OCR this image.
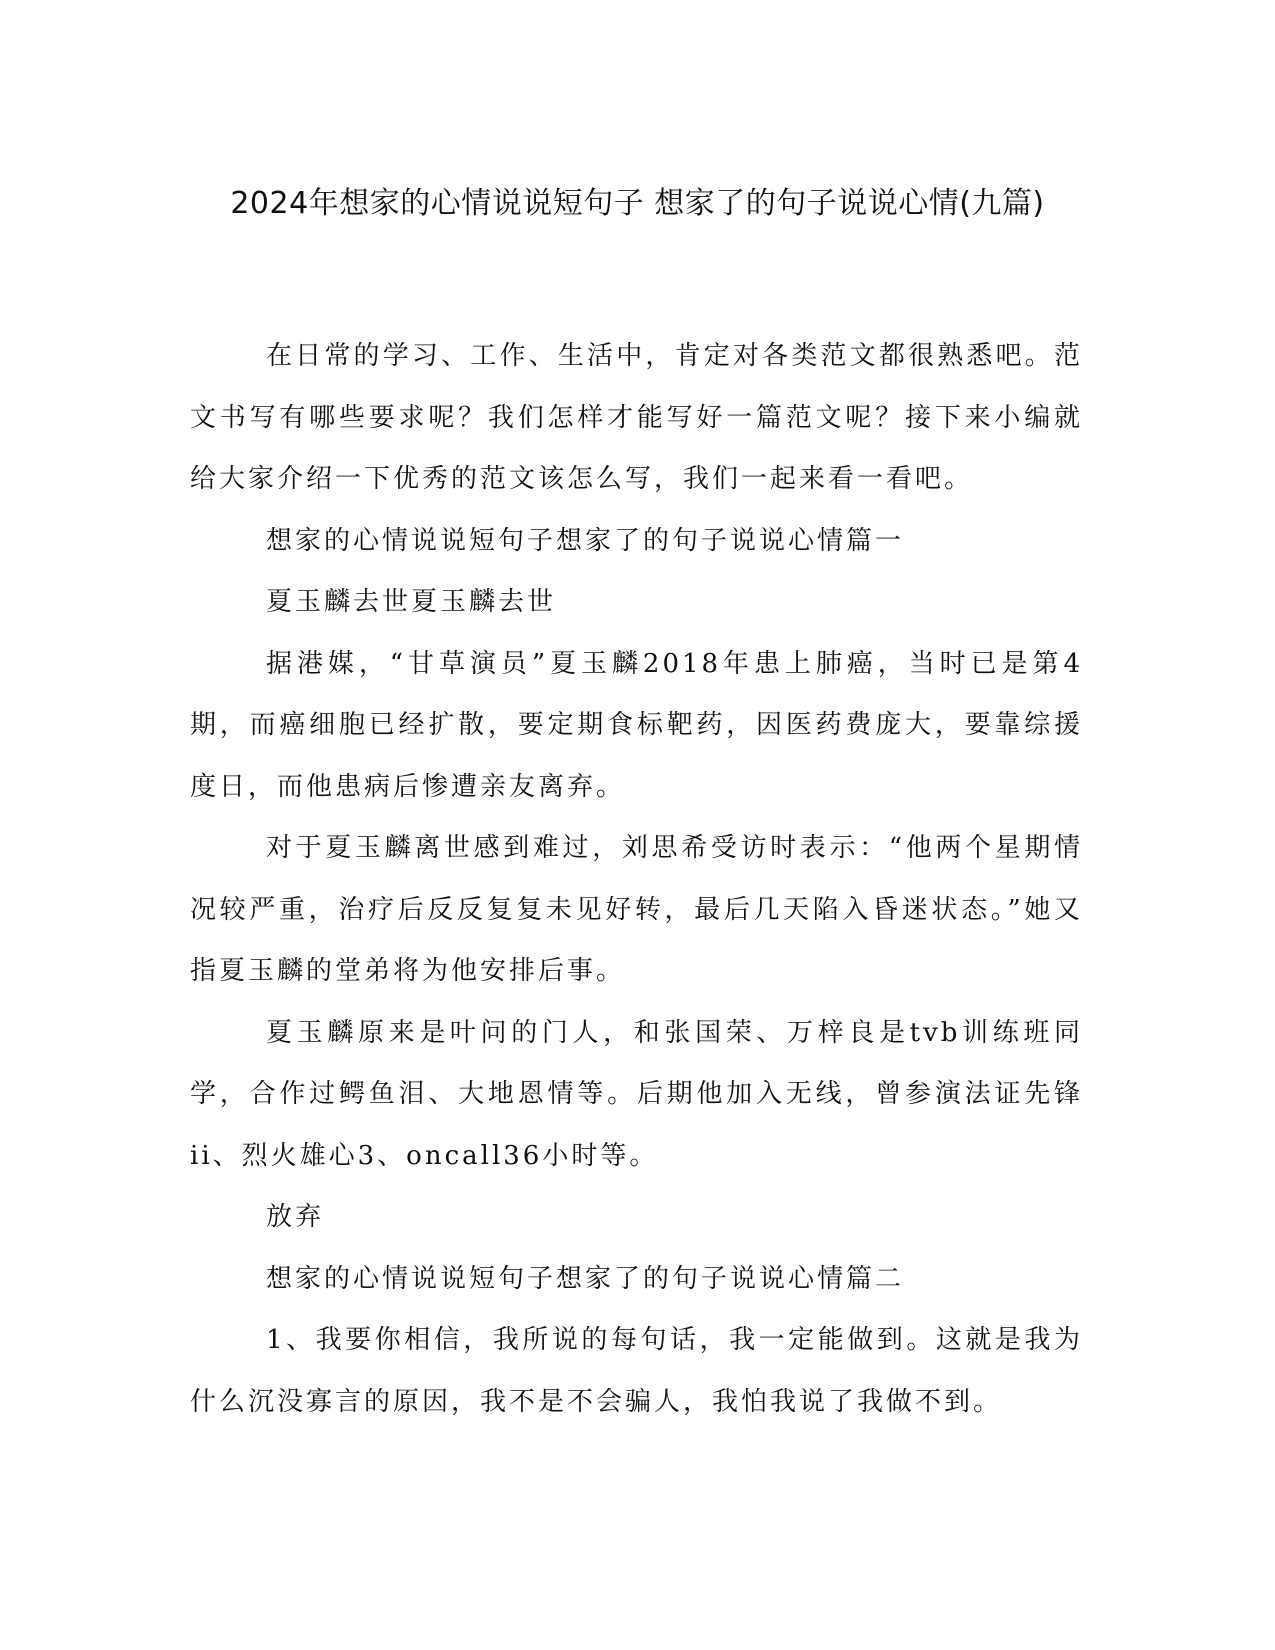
2024年想家的心情说说短句子 想家了的句子说说心情(九篇)

在日常的学习、工作、生活中，肯定对各类范文都很熟悉吧。范文书写有哪些要求呢？我们怎样才能写好一篇范文呢？接下来小编就给大家介绍一下优秀的范文该怎么写，我们一起来看一看吧。

想家的心情说说短句子想家了的句子说说心情篇一

夏玉麟去世夏玉麟去世

据港媒，“甘草演员”夏玉麟2018年患上肺癌，当时已是第4期，而癌细胞已经扩散，要定期食标靶药，因医药费庞大，要靠综援度日，而他患病后惨遭亲友离弃。

对于夏玉麟离世感到难过，刘思希受访时表示：“他两个星期情况较严重，治疗后反反复复未见好转，最后几天陷入昏迷状态。”她又指夏玉麟的堂弟将为他安排后事。

夏玉麟原来是叶问的门人，和张国荣、万梓良是tvb训练班同学，合作过鳄鱼泪、大地恩情等。后期他加入无线，曾参演法证先锋ii、烈火雄心3、oncall36小时等。

放弃

想家的心情说说短句子想家了的句子说说心情篇二

1、我要你相信，我所说的每句话，我一定能做到。这就是我为什么沉没寡言的原因，我不是不会骗人，我怕我说了我做不到。
